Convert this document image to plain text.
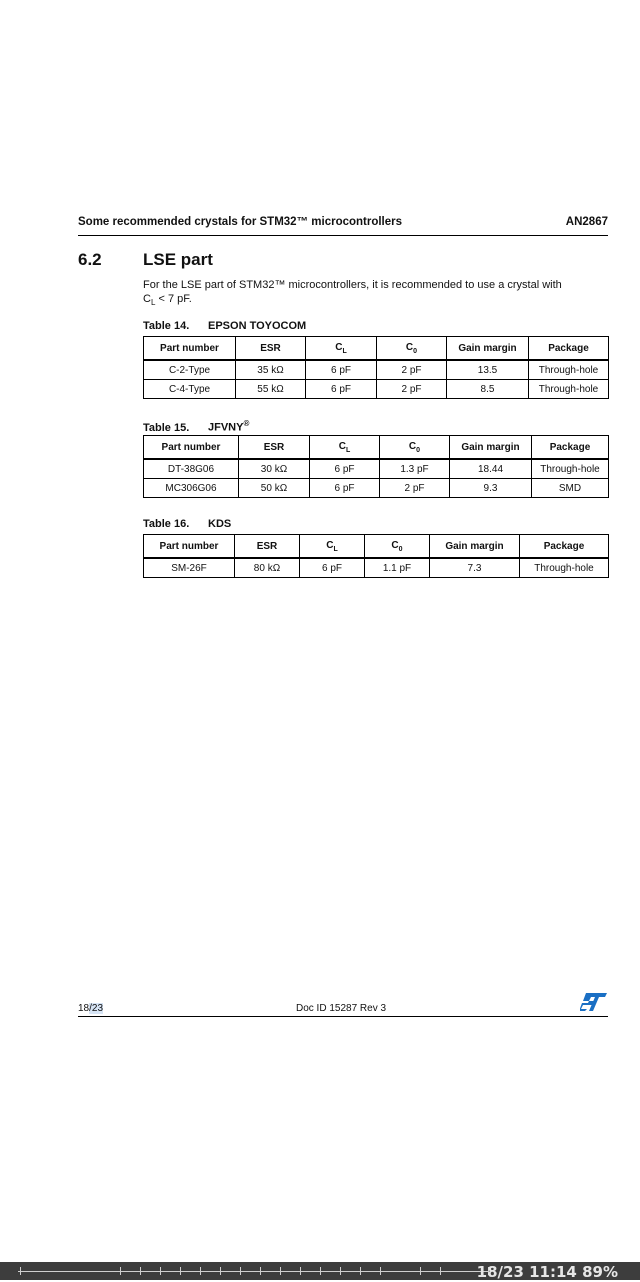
Some recommended crystals for STM32™ microcontrollers	AN2867
6.2 LSE part
For the LSE part of STM32™ microcontrollers, it is recommended to use a crystal with
$C_L < 7$ pF.
Table 14. EPSON TOYOCOM
Part number	ESR	$C_L$	$C_0$	Gain margin	Package
C-2-Type	35 kΩ	6 pF	2 pF	13.5	Through-hole
C-4-Type	55 kΩ	6 pF	2 pF	8.5	Through-hole
Table 15. JFVNY®
Part number	ESR	$C_L$	$C_0$	Gain margin	Package
DT-38G06	30 kΩ	6 pF	1.3 pF	18.44	Through-hole
MC306G06	50 kΩ	6 pF	2 pF	9.3	SMD
Table 16. KDS
Part number	ESR	$C_L$	$C_0$	Gain margin	Package
SM-26F	80 kΩ	6 pF	1.1 pF	7.3	Through-hole
18/23	Doc ID 15287 Rev 3
18/23 11:14 89%
